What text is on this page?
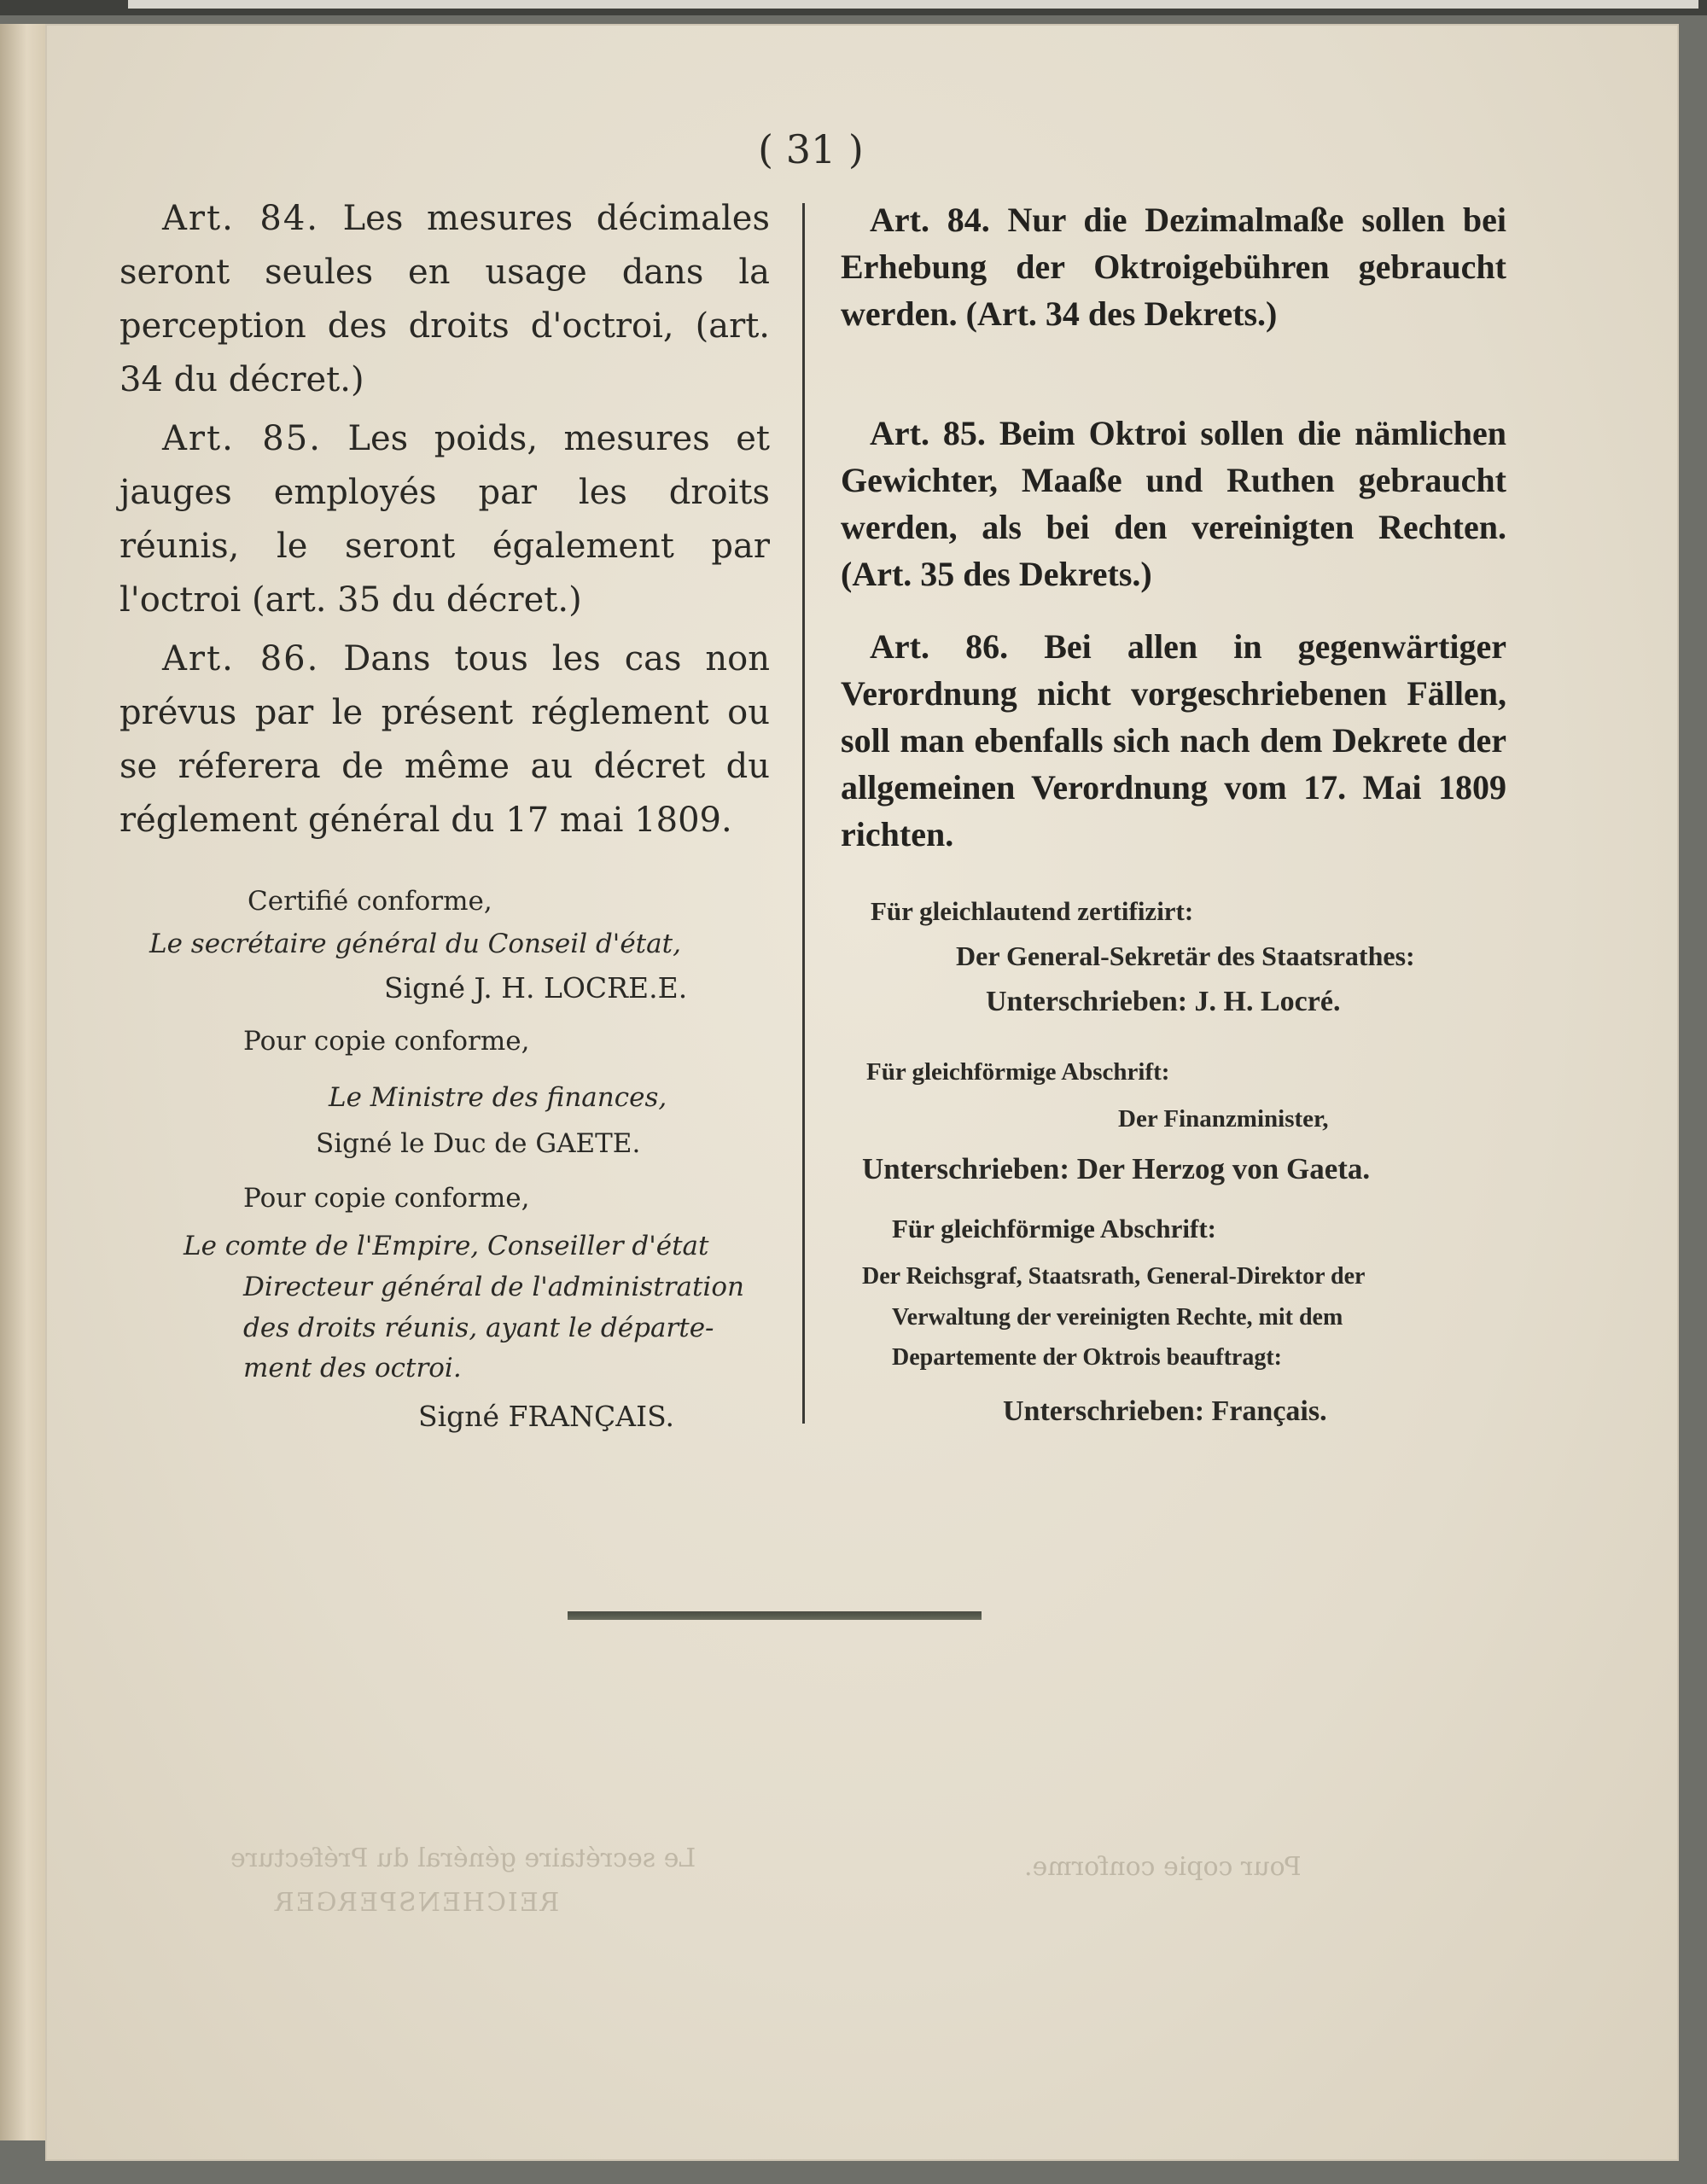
( 31 )

Art. 84. Les mesures décimales seront seules en usage dans la perception des droits d'octroi, (art. 34 du décret.)

Art. 85. Les poids, mesures et jauges employés par les droits réunis, le seront également par l'octroi (art. 35 du décret.)

Art. 86. Dans tous les cas non prévus par le présent réglement ou se réferera de même au décret du réglement général du 17 mai 1809.

Art. 84. Nur die Dezimalmaße sollen bei Erhebung der Oktroigebühren gebraucht werden. (Art. 34 des Dekrets.)

Art. 85. Beim Oktroi sollen die nämlichen Gewichter, Maaße und Ruthen gebraucht werden, als bei den vereinigten Rechten. (Art. 35 des Dekrets.)

Art. 86. Bei allen in gegenwärtiger Verordnung nicht vorgeschriebenen Fällen, soll man ebenfalls sich nach dem Dekrete der allgemeinen Verordnung vom 17. Mai 1809 richten.

Certifié conforme,
Le secrétaire général du Conseil d'état,
Signé J. H. LOCRE.E.
Pour copie conforme,
Le Ministre des finances,
Signé le Duc de GAETE.
Pour copie conforme,
Le comte de l'Empire, Conseiller d'état
Directeur général de l'administration
des droits réunis, ayant le départe-
ment des octroi.
Signé FRANÇAIS.
Für gleichlautend zertifizirt:
Der General-Sekretär des Staatsrathes:
Unterschrieben: J. H. Locré.
Für gleichförmige Abschrift:
Der Finanzminister,
Unterschrieben: Der Herzog von Gaeta.
Für gleichförmige Abschrift:
Der Reichsgraf, Staatsrath, General-Direktor der
Verwaltung der vereinigten Rechte, mit dem
Departemente der Oktrois beauftragt:
Unterschrieben: Français.
Le secrétaire général du Préfecture	Pour copie conforme.
REICHENSPERGER
